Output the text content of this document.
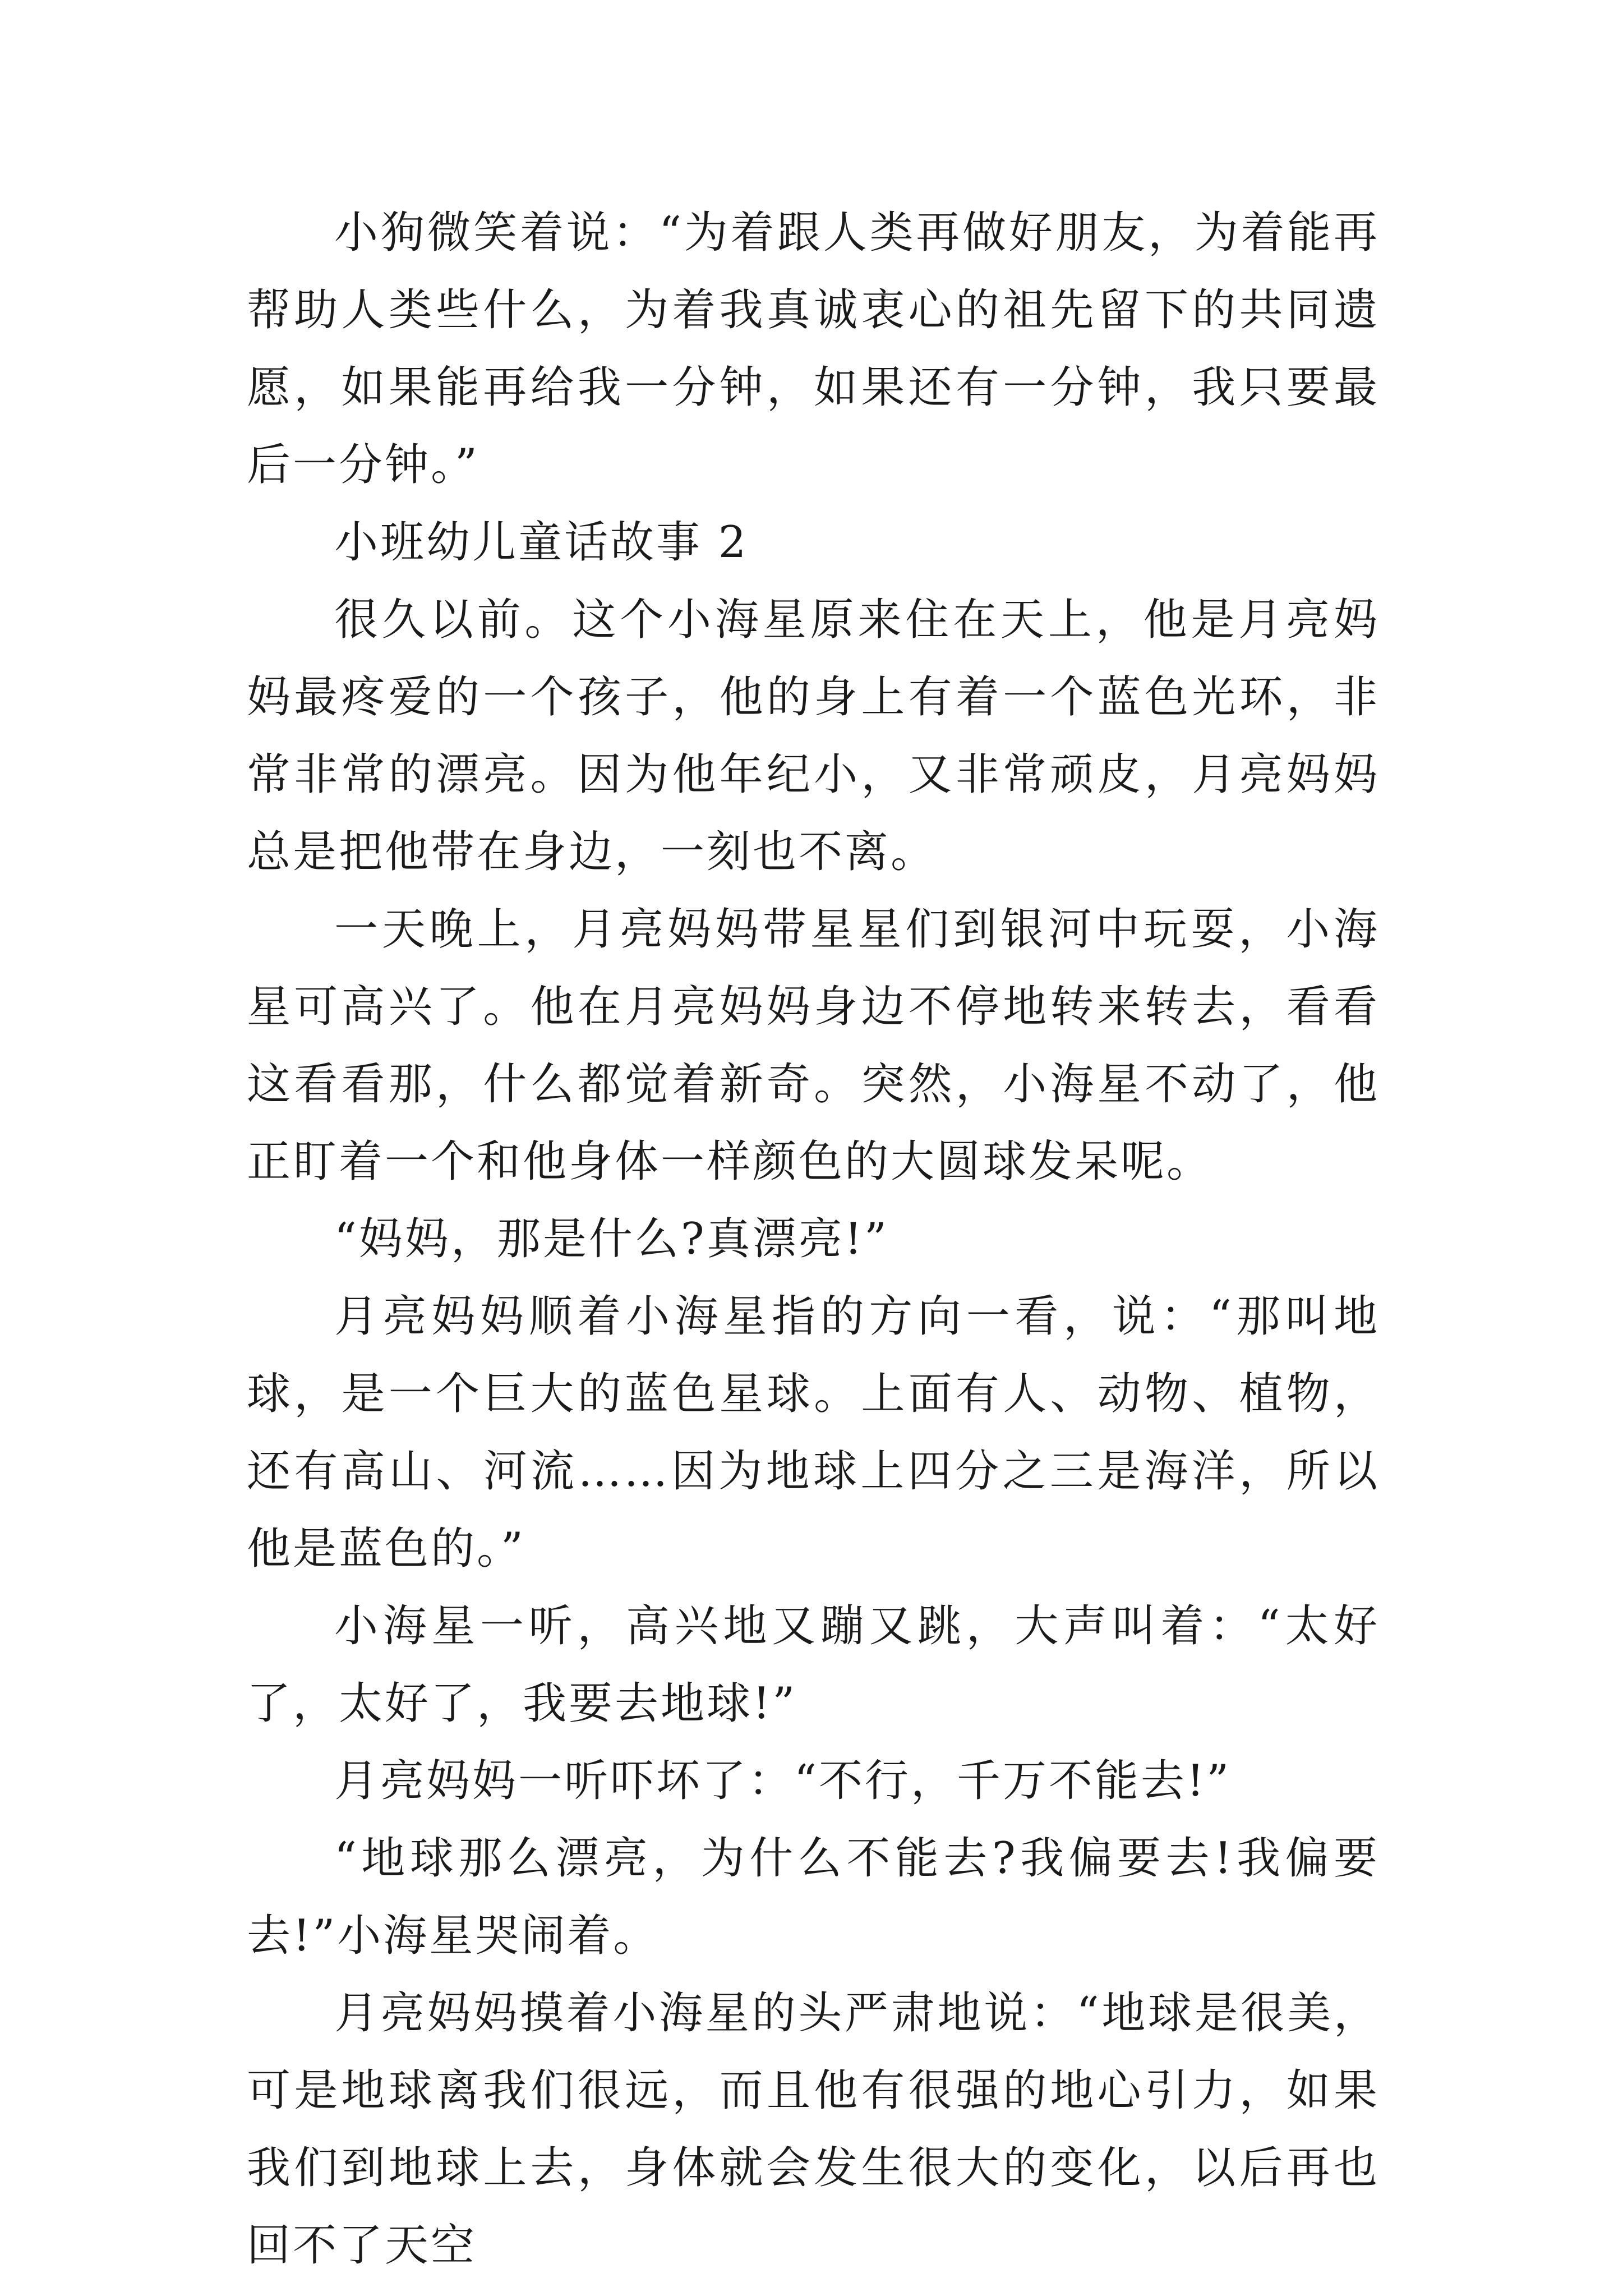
小狗微笑着说：“为着跟人类再做好朋友，为着能再帮助人类些什么，为着我真诚衷心的祖先留下的共同遗愿，如果能再给我一分钟，如果还有一分钟，我只要最后一分钟。”

小班幼儿童话故事 2

很久以前。这个小海星原来住在天上，他是月亮妈妈最疼爱的一个孩子，他的身上有着一个蓝色光环，非常非常的漂亮。因为他年纪小，又非常顽皮，月亮妈妈总是把他带在身边，一刻也不离。

一天晚上，月亮妈妈带星星们到银河中玩耍，小海星可高兴了。他在月亮妈妈身边不停地转来转去，看看这看看那，什么都觉着新奇。突然，小海星不动了，他正盯着一个和他身体一样颜色的大圆球发呆呢。

“妈妈，那是什么?真漂亮!”

月亮妈妈顺着小海星指的方向一看，说：“那叫地球，是一个巨大的蓝色星球。上面有人、动物、植物，还有高山、河流……因为地球上四分之三是海洋，所以他是蓝色的。”

小海星一听，高兴地又蹦又跳，大声叫着：“太好了，太好了，我要去地球!”

月亮妈妈一听吓坏了：“不行，千万不能去!”

“地球那么漂亮，为什么不能去?我偏要去!我偏要去!”小海星哭闹着。

月亮妈妈摸着小海星的头严肃地说：“地球是很美，可是地球离我们很远，而且他有很强的地心引力，如果我们到地球上去，身体就会发生很大的变化，以后再也回不了天空
